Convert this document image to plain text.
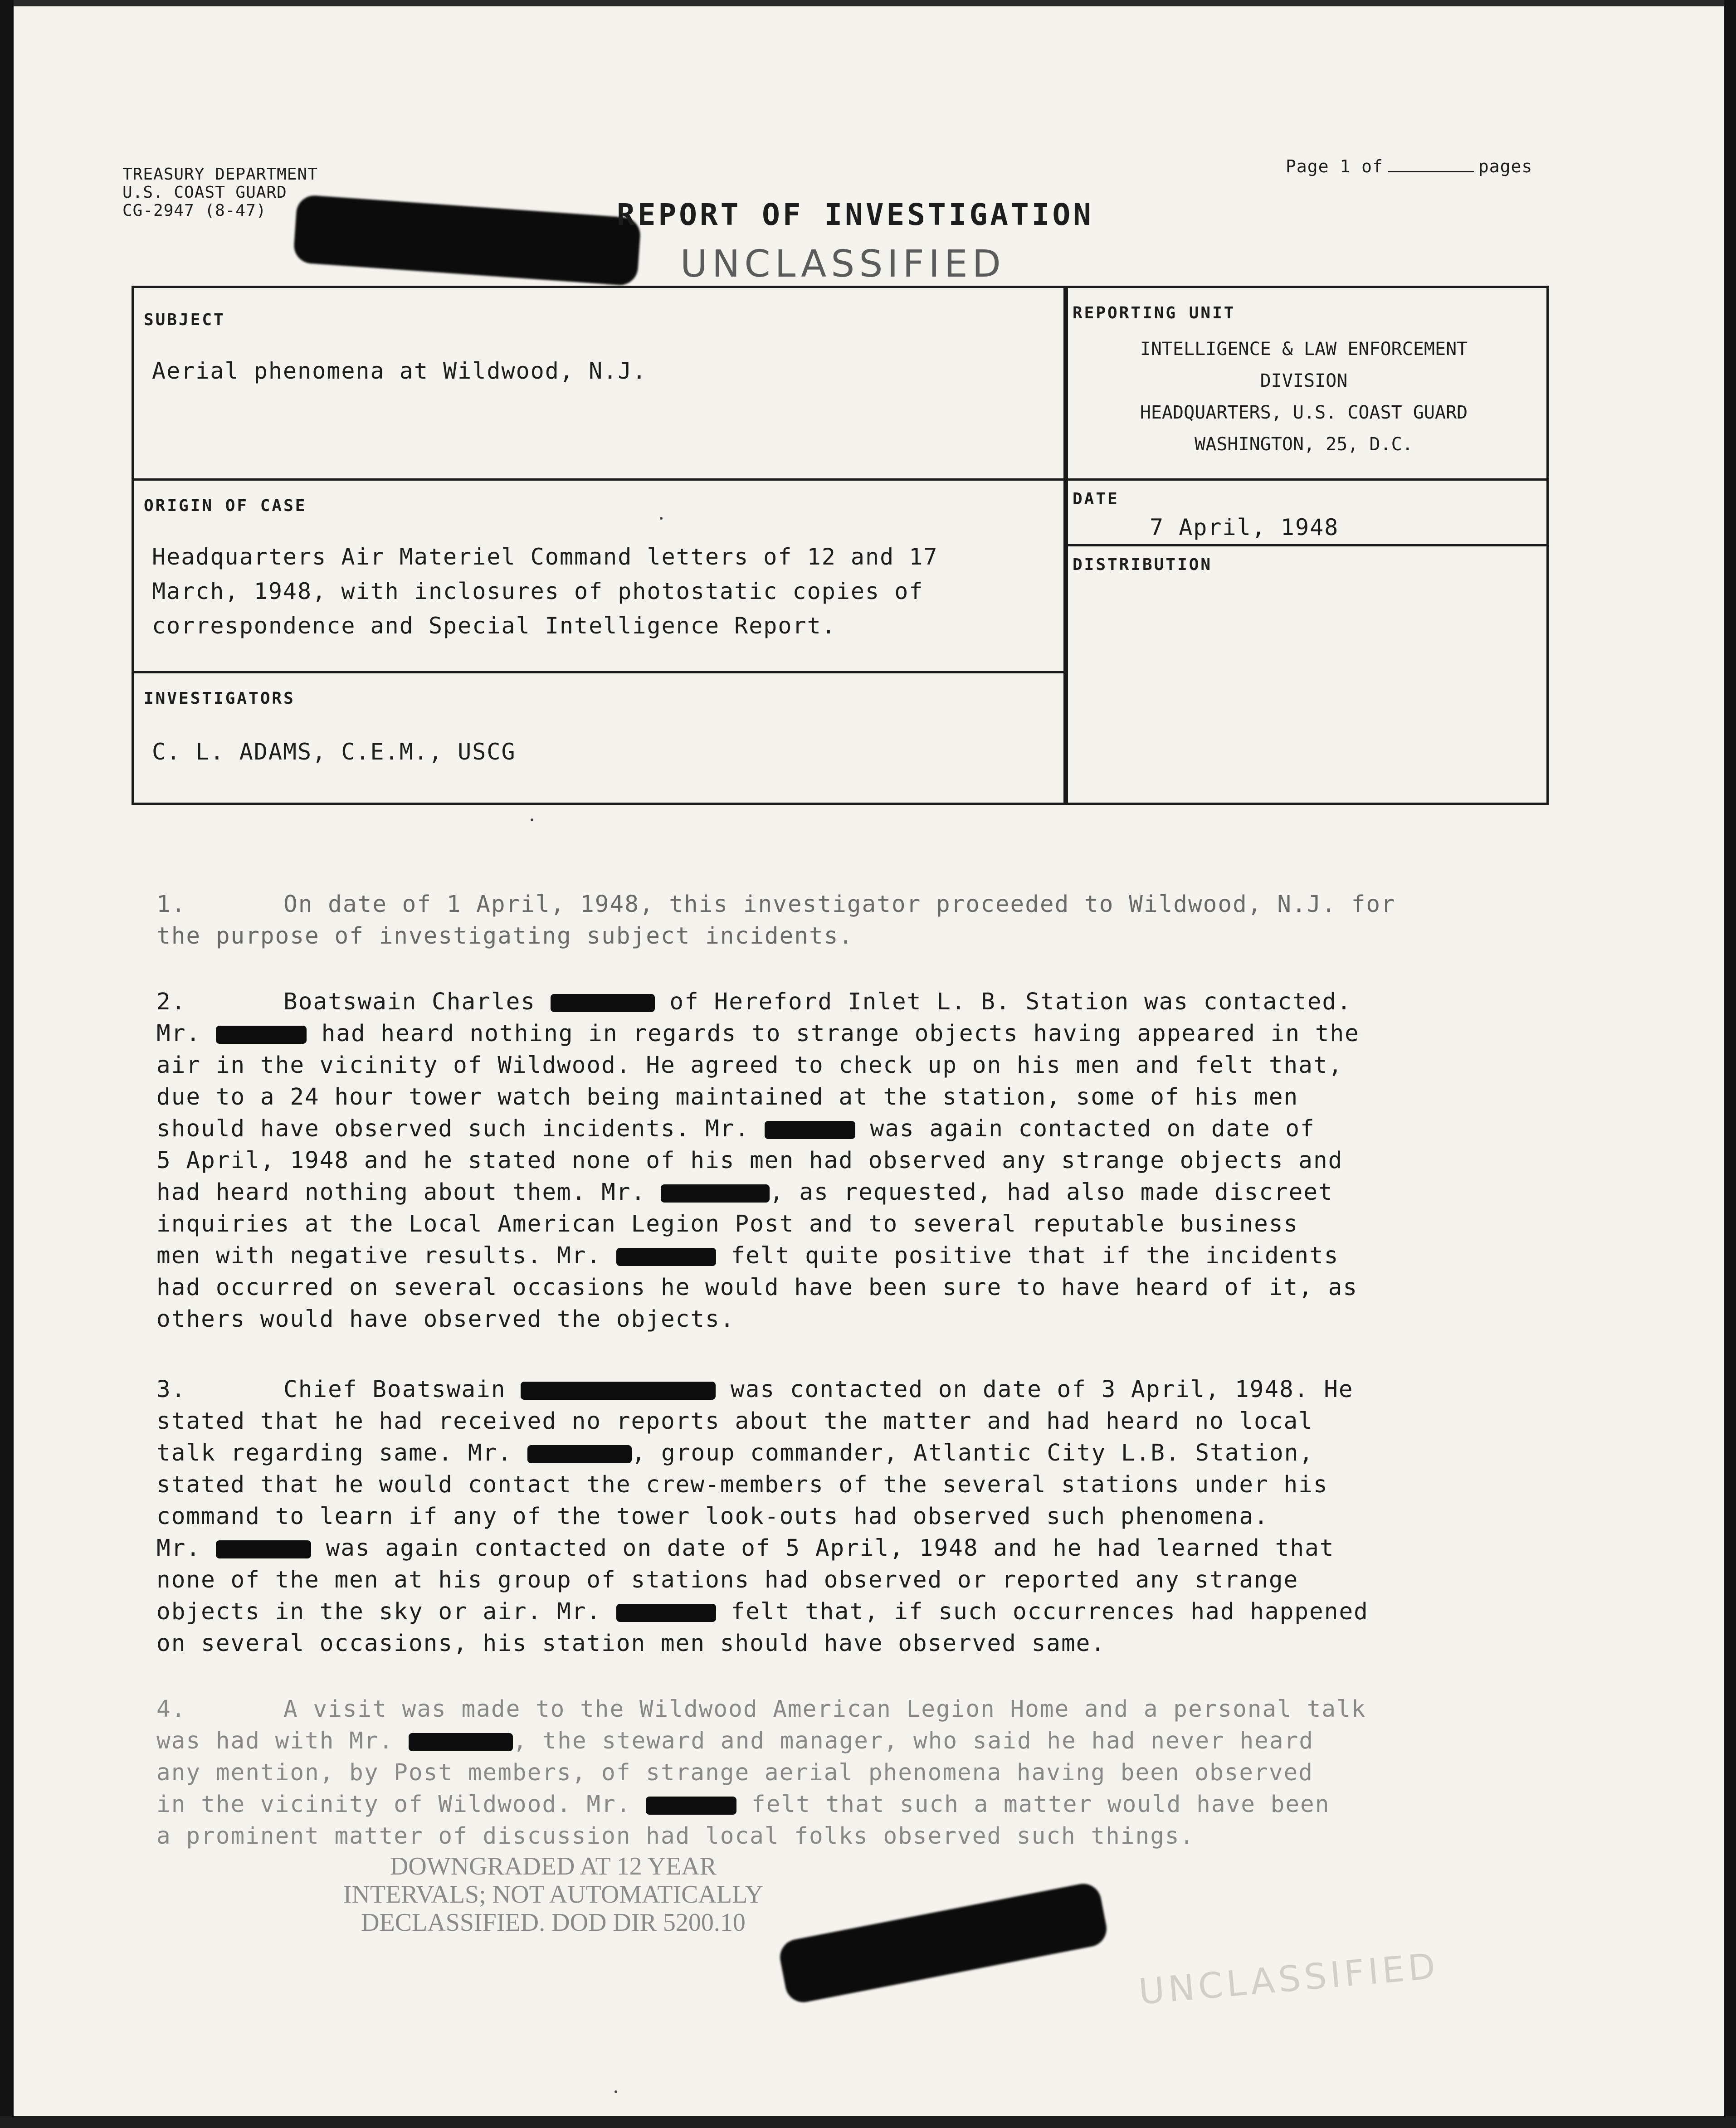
TREASURY DEPARTMENT
U.S. COAST GUARD
CG-2947 (8-47)
Page 1 of	pages
REPORT OF INVESTIGATION
UNCLASSIFIED
SUBJECT
Aerial phenomena at Wildwood, N.J.
REPORTING UNIT
INTELLIGENCE & LAW ENFORCEMENT
DIVISION
HEADQUARTERS, U.S. COAST GUARD
WASHINGTON, 25, D.C.
ORIGIN OF CASE
Headquarters Air Materiel Command letters of 12 and 17
March, 1948, with inclosures of photostatic copies of
correspondence and Special Intelligence Report.
DATE
7 April, 1948
DISTRIBUTION
INVESTIGATORS
C. L. ADAMS, C.E.M., USCG
1.	On date of 1 April, 1948, this investigator proceeded to Wildwood, N.J. for
the purpose of investigating subject incidents.
2.	Boatswain Charles	of Hereford Inlet L. B. Station was contacted.
Mr.	had heard nothing in regards to strange objects having appeared in the
air in the vicinity of Wildwood. He agreed to check up on his men and felt that,
due to a 24 hour tower watch being maintained at the station, some of his men
should have observed such incidents. Mr.	was again contacted on date of
5 April, 1948 and he stated none of his men had observed any strange objects and
had heard nothing about them. Mr.	, as requested, had also made discreet
inquiries at the Local American Legion Post and to several reputable business
men with negative results. Mr.	felt quite positive that if the incidents
had occurred on several occasions he would have been sure to have heard of it, as
others would have observed the objects.
3.	Chief Boatswain	was contacted on date of 3 April, 1948. He
stated that he had received no reports about the matter and had heard no local
talk regarding same. Mr.	, group commander, Atlantic City L.B. Station,
stated that he would contact the crew-members of the several stations under his
command to learn if any of the tower look-outs had observed such phenomena.
Mr.	was again contacted on date of 5 April, 1948 and he had learned that
none of the men at his group of stations had observed or reported any strange
objects in the sky or air. Mr.	felt that, if such occurrences had happened
on several occasions, his station men should have observed same.
4.	A visit was made to the Wildwood American Legion Home and a personal talk
was had with Mr.	, the steward and manager, who said he had never heard
any mention, by Post members, of strange aerial phenomena having been observed
in the vicinity of Wildwood. Mr.	felt that such a matter would have been
a prominent matter of discussion had local folks observed such things.
DOWNGRADED AT 12 YEAR
INTERVALS; NOT AUTOMATICALLY
DECLASSIFIED. DOD DIR 5200.10
UNCLASSIFIED
